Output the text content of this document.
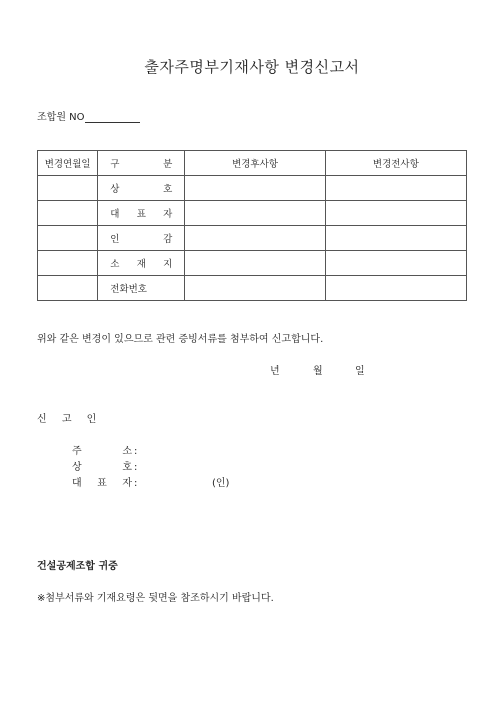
출자주명부기재사항 변경신고서
조합원 NO
변경연월일	구 분	변경후사항	변경전사항
	상 호		
	대 표 자		
	인 감		
	소 재 지		
	전화번호		
위와 같은 변경이 있으므로 관련 증빙서류를 첨부하여 신고합니다.
년	월	일
신 고 인
주 소 :
상 호 :
대 표 자 :	(인)
건설공제조합 귀중
※첨부서류와 기재요령은 뒷면을 참조하시기 바랍니다.
